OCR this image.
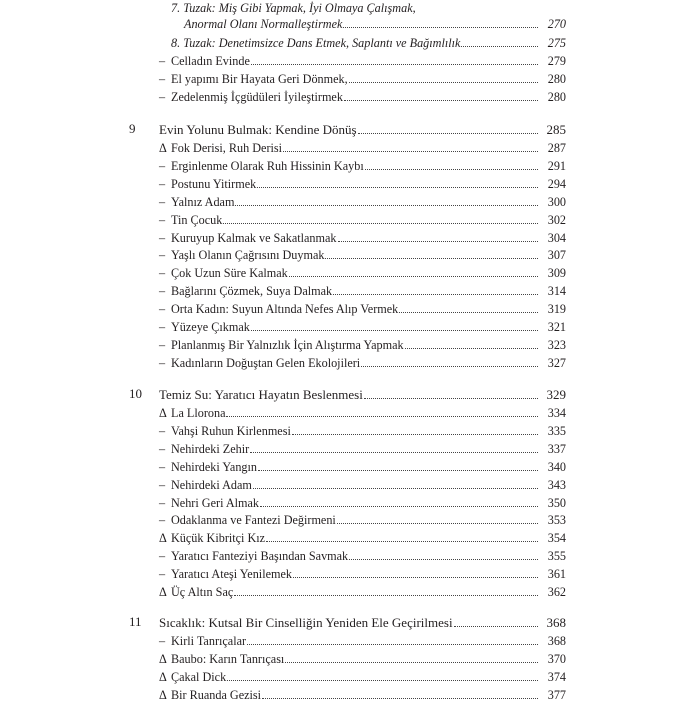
7. Tuzak: Miş Gibi Yapmak, İyi Olmaya Çalışmak,
Anormal Olanı Normalleştirmek	270
8. Tuzak: Denetimsizce Dans Etmek, Saplantı ve Bağımlılık	275
– Celladın Evinde	279
– El yapımı Bir Hayata Geri Dönmek,	280
– Zedelenmiş İçgüdüleri İyileştirmek	280
9	Evin Yolunu Bulmak: Kendine Dönüş	285
Δ Fok Derisi, Ruh Derisi	287
– Erginlenme Olarak Ruh Hissinin Kaybı	291
– Postunu Yitirmek	294
– Yalnız Adam	300
– Tin Çocuk	302
– Kuruyup Kalmak ve Sakatlanmak	304
– Yaşlı Olanın Çağrısını Duymak	307
– Çok Uzun Süre Kalmak	309
– Bağlarını Çözmek, Suya Dalmak	314
– Orta Kadın: Suyun Altında Nefes Alıp Vermek	319
– Yüzeye Çıkmak	321
– Planlanmış Bir Yalnızlık İçin Alıştırma Yapmak	323
– Kadınların Doğuştan Gelen Ekolojileri	327
10	Temiz Su: Yaratıcı Hayatın Beslenmesi	329
Δ La Llorona	334
– Vahşi Ruhun Kirlenmesi	335
– Nehirdeki Zehir	337
– Nehirdeki Yangın	340
– Nehirdeki Adam	343
– Nehri Geri Almak	350
– Odaklanma ve Fantezi Değirmeni	353
Δ Küçük Kibritçi Kız	354
– Yaratıcı Fanteziyi Başından Savmak	355
– Yaratıcı Ateşi Yenilemek	361
Δ Üç Altın Saç	362
11	Sıcaklık: Kutsal Bir Cinselliğin Yeniden Ele Geçirilmesi	368
– Kirli Tanrıçalar	368
Δ Baubo: Karın Tanrıçası	370
Δ Çakal Dick	374
Δ Bir Ruanda Gezisi	377
